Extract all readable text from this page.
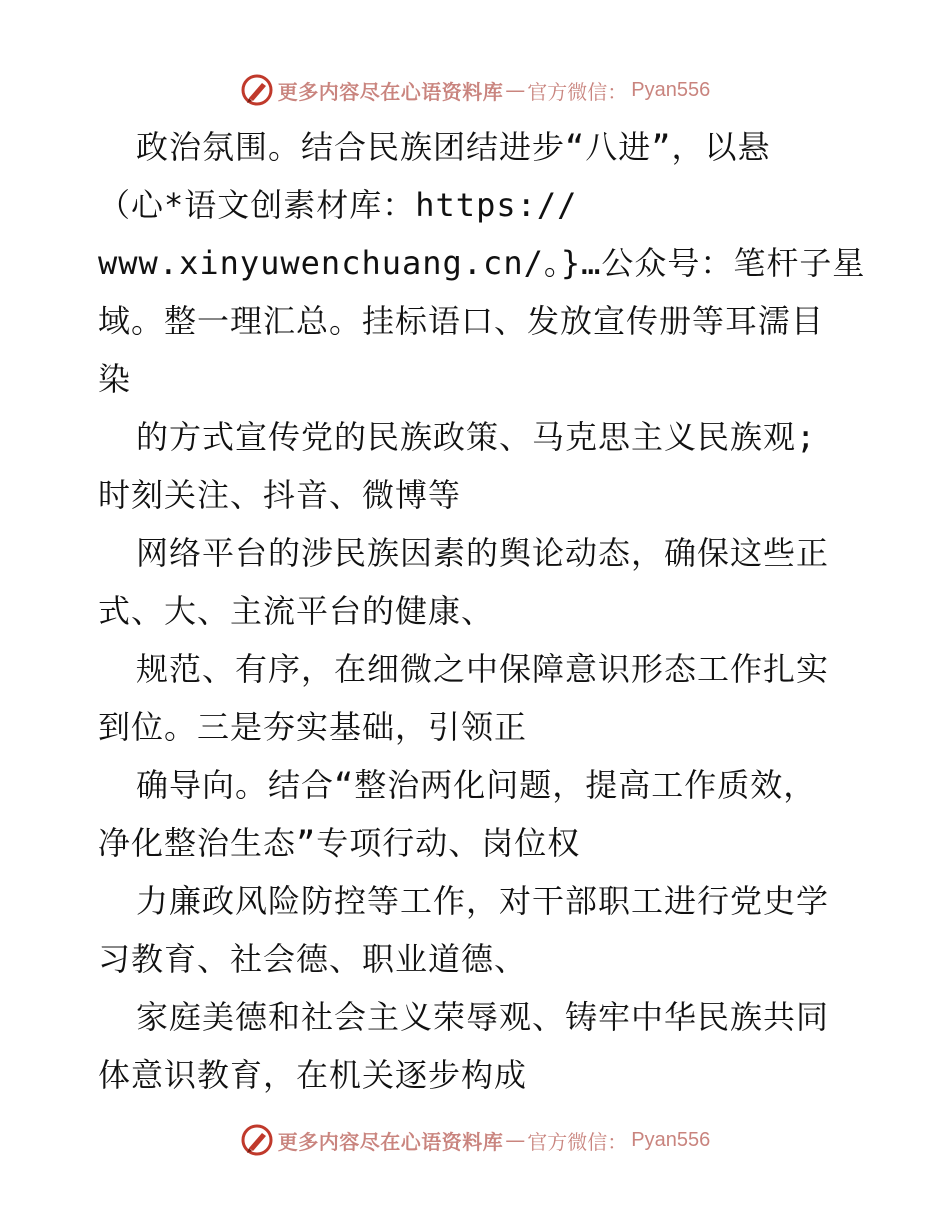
更多内容尽在心语资料库 — 官方微信： Pyan556
政治氛围。结合民族团结进步“八进”，以悬
（心*语文创素材库：https://
www.xinyuwenchuang.cn/。}…公众号：笔杆子星
域。整一理汇总。挂标语口、发放宣传册等耳濡目
染
的方式宣传党的民族政策、马克思主义民族观;
时刻关注、抖音、微博等
网络平台的涉民族因素的舆论动态，确保这些正
式、大、主流平台的健康、
规范、有序，在细微之中保障意识形态工作扎实
到位。三是夯实基础，引领正
确导向。结合“整治两化问题，提高工作质效，
净化整治生态”专项行动、岗位权
力廉政风险防控等工作，对干部职工进行党史学
习教育、社会德、职业道德、
家庭美德和社会主义荣辱观、铸牢中华民族共同
体意识教育，在机关逐步构成
更多内容尽在心语资料库 — 官方微信： Pyan556
